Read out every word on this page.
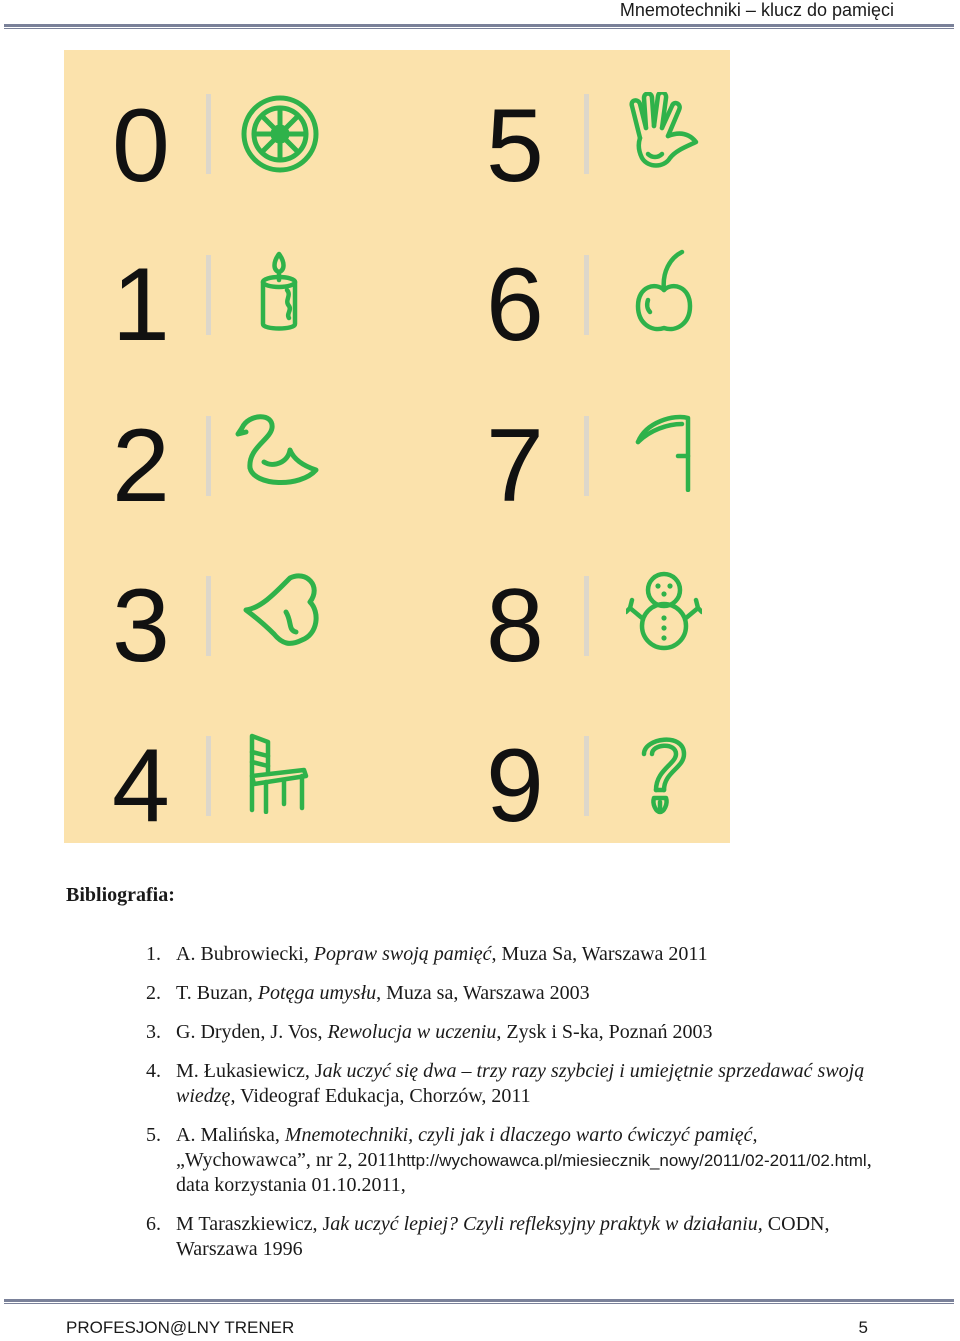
Mnemotechniki – klucz do pamięci
0
1
2
3
4
5
6
7
8
9
Bibliografia:
1. A. Bubrowiecki, Popraw swoją pamięć, Muza Sa, Warszawa 2011
2. T. Buzan, Potęga umysłu, Muza sa, Warszawa 2003
3. G. Dryden, J. Vos, Rewolucja w uczeniu, Zysk i S-ka, Poznań 2003
4. M. Łukasiewicz, Jak uczyć się dwa – trzy razy szybciej i umiejętnie sprzedawać swoją wiedzę, Videograf Edukacja, Chorzów, 2011
5. A. Malińska, Mnemotechniki, czyli jak i dlaczego warto ćwiczyć pamięć, „Wychowawca”, nr 2, 2011http://wychowawca.pl/miesiecznik_nowy/2011/02-2011/02.html, data korzystania 01.10.2011,
6. M Taraszkiewicz, Jak uczyć lepiej? Czyli refleksyjny praktyk w działaniu, CODN, Warszawa 1996
PROFESJON@LNY TRENER	5
